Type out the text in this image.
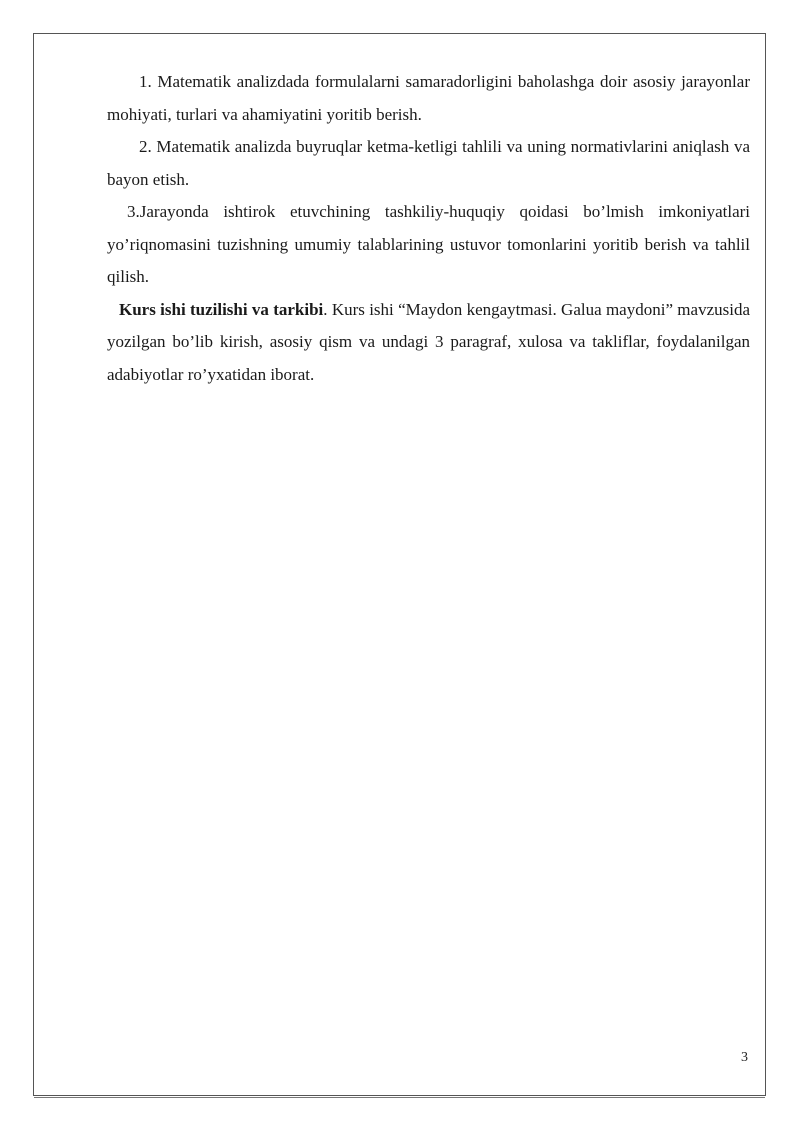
1. Matematik analizdada formulalarni samaradorligini baholashga doir asosiy jarayonlar mohiyati, turlari va ahamiyatini yoritib berish.

2. Matematik analizda buyruqlar ketma-ketligi tahlili va uning normativlarini aniqlash va bayon etish.

3.Jarayonda ishtirok etuvchining tashkiliy-huquqiy qoidasi bo’lmish imkoniyatlari yo’riqnomasini tuzishning umumiy talablarining ustuvor tomonlarini yoritib berish va tahlil qilish.

Kurs ishi tuzilishi va tarkibi. Kurs ishi “Maydon kengaytmasi. Galua maydoni” mavzusida yozilgan bo’lib kirish, asosiy qism va undagi 3 paragraf, xulosa va takliflar, foydalanilgan adabiyotlar ro’yxatidan iborat.

3
